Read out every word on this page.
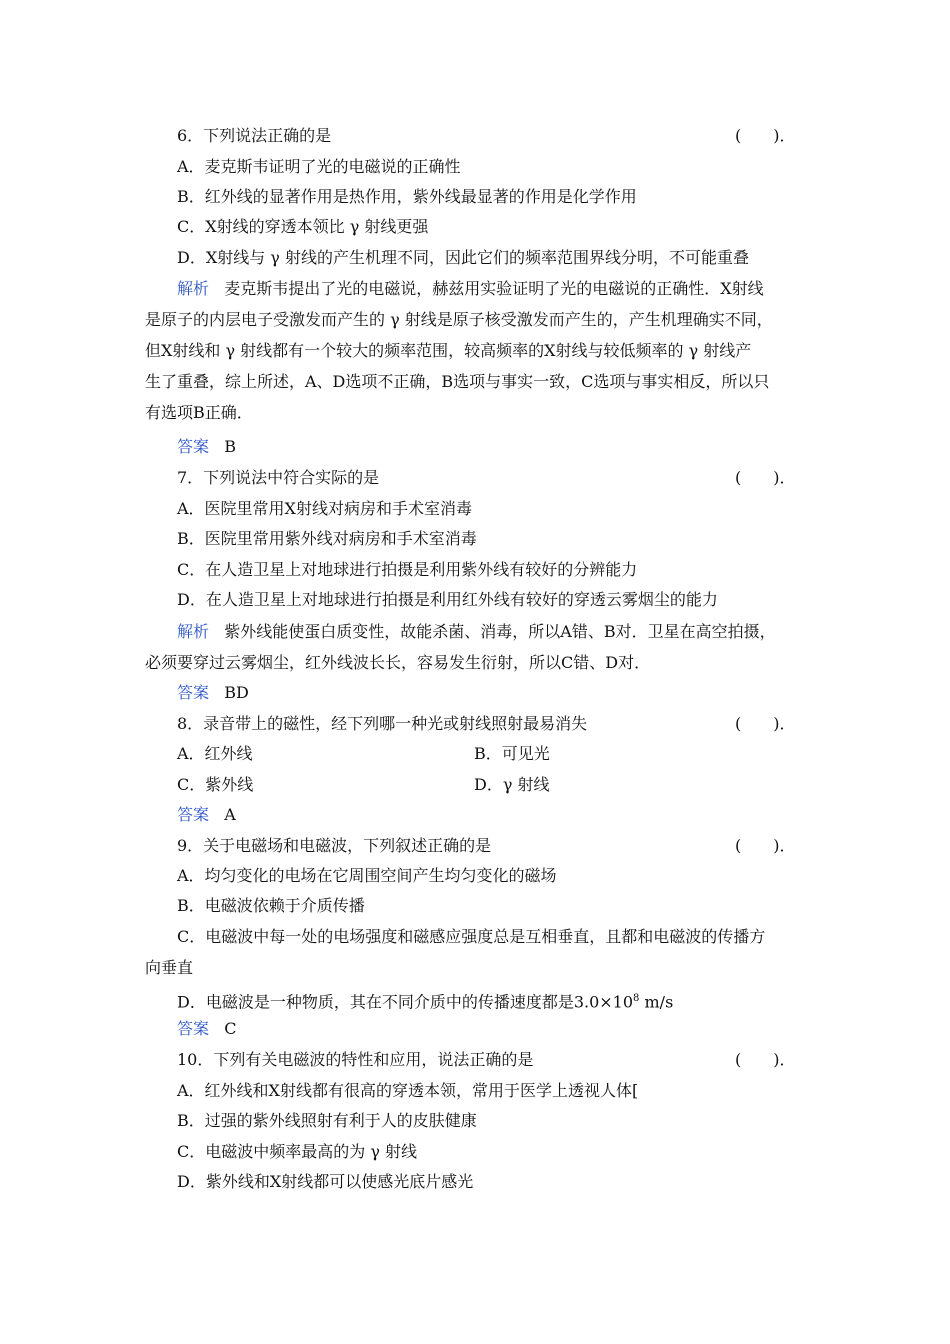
6．下列说法正确的是	(　　)．
A．麦克斯韦证明了光的电磁说的正确性
B．红外线的显著作用是热作用，紫外线最显著的作用是化学作用
C．X射线的穿透本领比 γ 射线更强
D．X射线与 γ 射线的产生机理不同，因此它们的频率范围界线分明，不可能重叠
解析 麦克斯韦提出了光的电磁说，赫兹用实验证明了光的电磁说的正确性．X射线
是原子的内层电子受激发而产生的 γ 射线是原子核受激发而产生的，产生机理确实不同，
但X射线和 γ 射线都有一个较大的频率范围，较高频率的X射线与较低频率的 γ 射线产
生了重叠，综上所述，A、D选项不正确，B选项与事实一致，C选项与事实相反，所以只
有选项B正确．
答案 B
7．下列说法中符合实际的是	(　　)．
A．医院里常用X射线对病房和手术室消毒
B．医院里常用紫外线对病房和手术室消毒
C．在人造卫星上对地球进行拍摄是利用紫外线有较好的分辨能力
D．在人造卫星上对地球进行拍摄是利用红外线有较好的穿透云雾烟尘的能力
解析 紫外线能使蛋白质变性，故能杀菌、消毒，所以A错、B对．卫星在高空拍摄，
必须要穿过云雾烟尘，红外线波长长，容易发生衍射，所以C错、D对．
答案 BD
8．录音带上的磁性，经下列哪一种光或射线照射最易消失	(　　)．
A．红外线	B．可见光
C．紫外线	D．γ 射线
答案 A
9．关于电磁场和电磁波，下列叙述正确的是	(　　)．
A．均匀变化的电场在它周围空间产生均匀变化的磁场
B．电磁波依赖于介质传播
C．电磁波中每一处的电场强度和磁感应强度总是互相垂直，且都和电磁波的传播方
向垂直
D．电磁波是一种物质，其在不同介质中的传播速度都是$3.0\times 10^8$ m/s
答案 C
10．下列有关电磁波的特性和应用，说法正确的是	(　　)．
A．红外线和X射线都有很高的穿透本领，常用于医学上透视人体[
B．过强的紫外线照射有利于人的皮肤健康
C．电磁波中频率最高的为 γ 射线
D．紫外线和X射线都可以使感光底片感光
